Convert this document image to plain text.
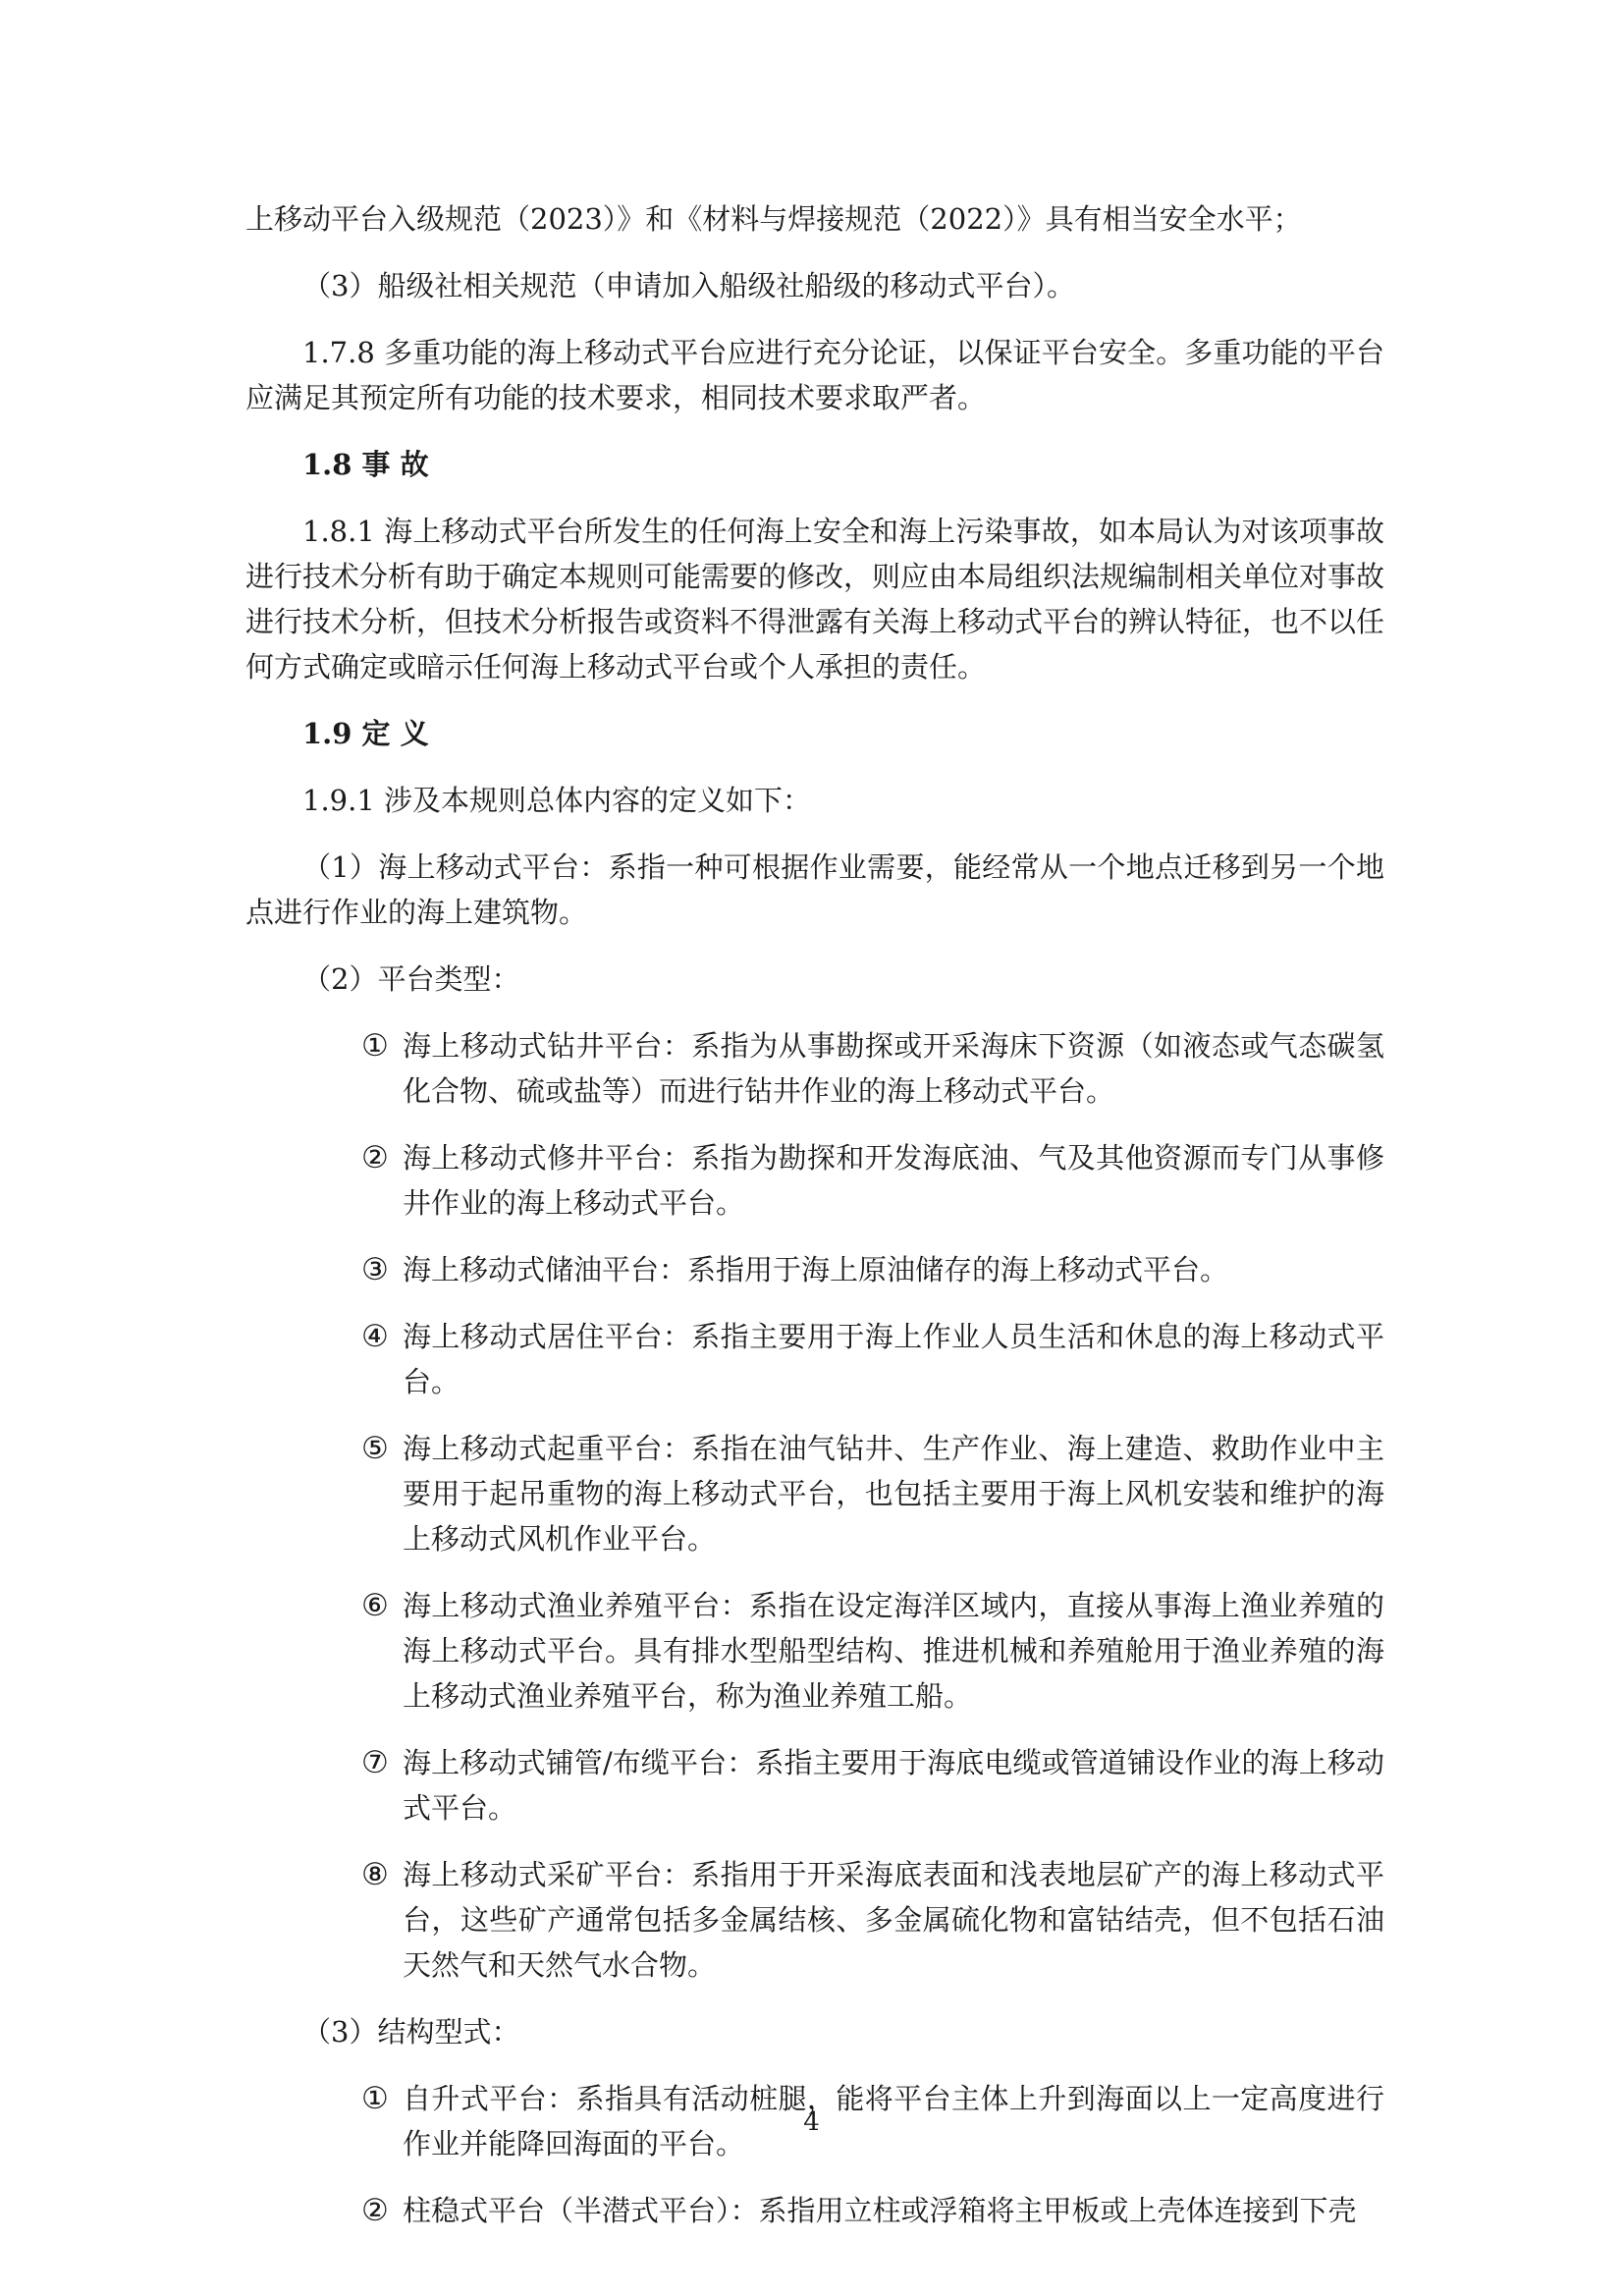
上移动平台入级规范（2023）》和《材料与焊接规范（2022）》具有相当安全水平；

（3）船级社相关规范（申请加入船级社船级的移动式平台）。

1.7.8 多重功能的海上移动式平台应进行充分论证，以保证平台安全。多重功能的平台应满足其预定所有功能的技术要求，相同技术要求取严者。

1.8 事 故

1.8.1 海上移动式平台所发生的任何海上安全和海上污染事故，如本局认为对该项事故进行技术分析有助于确定本规则可能需要的修改，则应由本局组织法规编制相关单位对事故进行技术分析，但技术分析报告或资料不得泄露有关海上移动式平台的辨认特征，也不以任何方式确定或暗示任何海上移动式平台或个人承担的责任。

1.9 定 义

1.9.1 涉及本规则总体内容的定义如下：

（1）海上移动式平台：系指一种可根据作业需要，能经常从一个地点迁移到另一个地点进行作业的海上建筑物。

（2）平台类型：

① 海上移动式钻井平台：系指为从事勘探或开采海床下资源（如液态或气态碳氢化合物、硫或盐等）而进行钻井作业的海上移动式平台。
② 海上移动式修井平台：系指为勘探和开发海底油、气及其他资源而专门从事修井作业的海上移动式平台。
③ 海上移动式储油平台：系指用于海上原油储存的海上移动式平台。
④ 海上移动式居住平台：系指主要用于海上作业人员生活和休息的海上移动式平台。
⑤ 海上移动式起重平台：系指在油气钻井、生产作业、海上建造、救助作业中主要用于起吊重物的海上移动式平台，也包括主要用于海上风机安装和维护的海上移动式风机作业平台。
⑥ 海上移动式渔业养殖平台：系指在设定海洋区域内，直接从事海上渔业养殖的海上移动式平台。具有排水型船型结构、推进机械和养殖舱用于渔业养殖的海上移动式渔业养殖平台，称为渔业养殖工船。
⑦ 海上移动式铺管/布缆平台：系指主要用于海底电缆或管道铺设作业的海上移动式平台。
⑧ 海上移动式采矿平台：系指用于开采海底表面和浅表地层矿产的海上移动式平台，这些矿产通常包括多金属结核、多金属硫化物和富钴结壳，但不包括石油天然气和天然气水合物。

（3）结构型式：

① 自升式平台：系指具有活动桩腿，能将平台主体上升到海面以上一定高度进行作业并能降回海面的平台。
② 柱稳式平台（半潜式平台）：系指用立柱或浮箱将主甲板或上壳体连接到下壳
4
